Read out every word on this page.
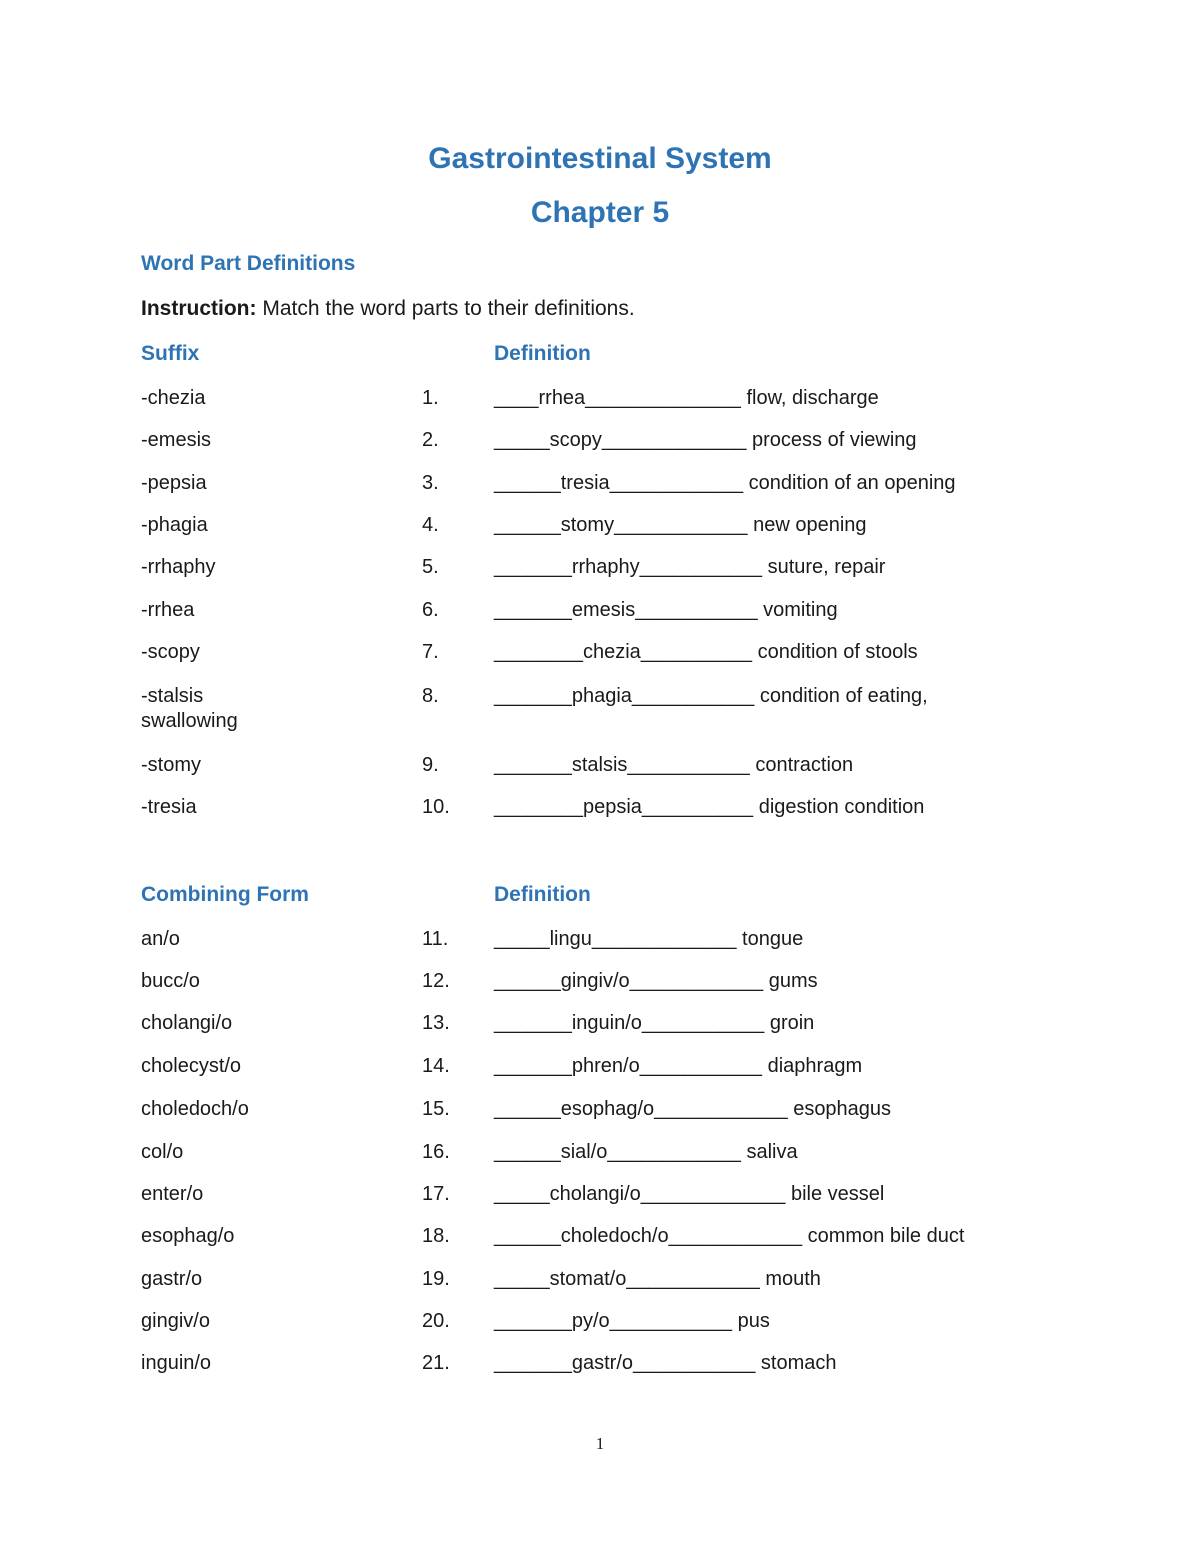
Gastrointestinal System
Chapter 5
Word Part Definitions

Instruction: Match the word parts to their definitions.

Suffix	Definition
-chezia	1.	____rrhea______________ flow, discharge
-emesis	2.	_____scopy_____________ process of viewing
-pepsia	3.	______tresia____________ condition of an opening
-phagia	4.	______stomy____________ new opening
-rrhaphy	5.	_______rrhaphy___________ suture, repair
-rrhea	6.	_______emesis___________ vomiting
-scopy	7.	________chezia__________ condition of stools
-stalsis	8.	_______phagia___________ condition of eating,
swallowing
-stomy	9.	_______stalsis___________ contraction
-tresia	10. ________pepsia__________ digestion condition
Combining Form	Definition
an/o	11. _____lingu_____________ tongue
bucc/o	12. ______gingiv/o____________ gums
cholangi/o	13. _______inguin/o___________ groin
cholecyst/o	14. _______phren/o___________ diaphragm
choledoch/o	15. ______esophag/o____________ esophagus
col/o	16. ______sial/o____________ saliva
enter/o	17. _____cholangi/o_____________ bile vessel
esophag/o	18. ______choledoch/o____________ common bile duct
gastr/o	19. _____stomat/o____________ mouth
gingiv/o	20. _______py/o___________ pus
inguin/o	21. _______gastr/o___________ stomach
1
